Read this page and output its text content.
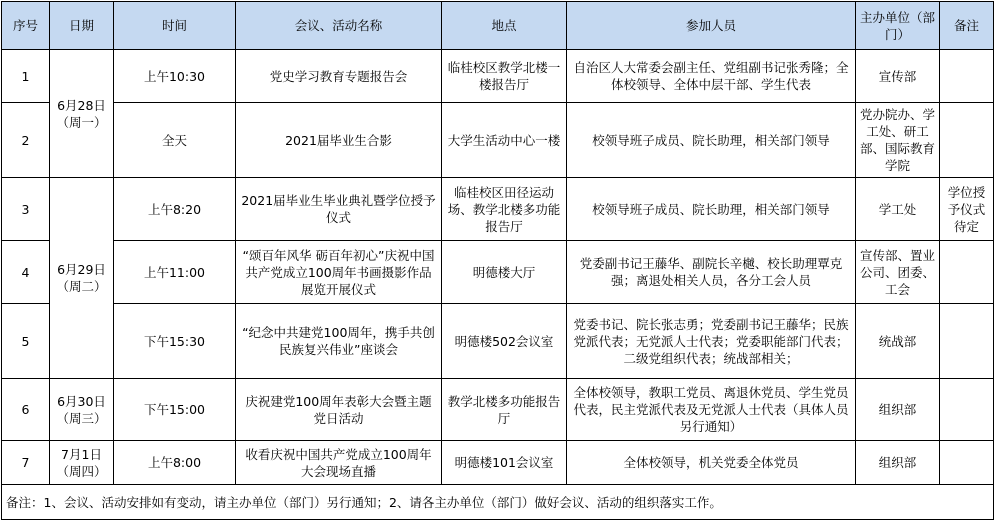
序号	日期	时间	会议、活动名称	地点	参加人员	主办单位（部门）	备注
1	6月28日（周一）	上午10:30	党史学习教育专题报告会	临桂校区教学北楼一楼报告厅	自治区人大常委会副主任、党组副书记张秀隆；全体校领导、全体中层干部、学生代表	宣传部	
2		全天	2021届毕业生合影	大学生活动中心一楼	校领导班子成员、院长助理，相关部门领导	党办院办、学工处、研工部、国际教育学院	
3	6月29日（周二）	上午8:20	2021届毕业生毕业典礼暨学位授予仪式	临桂校区田径运动场、教学北楼多功能报告厅	校领导班子成员、院长助理，相关部门领导	学工处	学位授予仪式待定
4		上午11:00	“颂百年风华 砺百年初心”庆祝中国共产党成立100周年书画摄影作品展览开展仪式	明德楼大厅	党委副书记王藤华、副院长辛樾、校长助理覃克强；离退处相关人员，各分工会人员	宣传部、置业公司、团委、工会	
5		下午15:30	“纪念中共建党100周年，携手共创民族复兴伟业”座谈会	明德楼502会议室	党委书记、院长张志勇；党委副书记王藤华；民族党派代表；无党派人士代表；党委职能部门代表；二级党组织代表；统战部相关；	统战部	
6	6月30日（周三）	下午15:00	庆祝建党100周年表彰大会暨主题党日活动	教学北楼多功能报告厅	全体校领导，教职工党员、离退休党员、学生党员代表，民主党派代表及无党派人士代表（具体人员另行通知）	组织部	
7	7月1日（周四）	上午8:00	收看庆祝中国共产党成立100周年大会现场直播	明德楼101会议室	全体校领导，机关党委全体党员	组织部	
备注：1、会议、活动安排如有变动，请主办单位（部门）另行通知；2、请各主办单位（部门）做好会议、活动的组织落实工作。							
